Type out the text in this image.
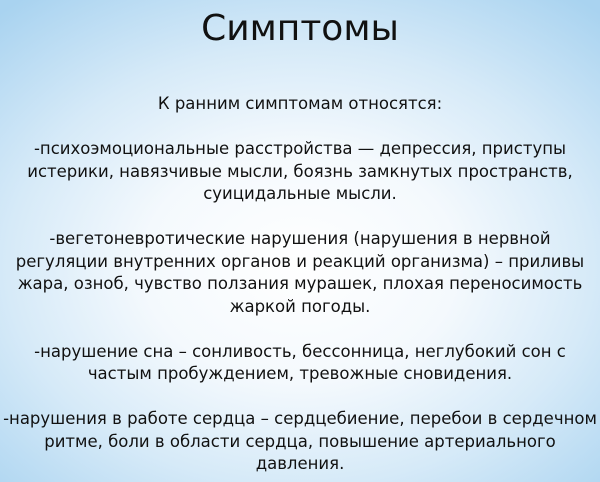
Симптомы
К ранним симптомам относятся:
-психоэмоциональные расстройства — депрессия, приступы
истерики, навязчивые мысли, боязнь замкнутых пространств,
суицидальные мысли.
-вегетоневротические нарушения (нарушения в нервной
регуляции внутренних органов и реакций организма) – приливы
жара, озноб, чувство ползания мурашек, плохая переносимость
жаркой погоды.
-нарушение сна – сонливость, бессонница, неглубокий сон с
частым пробуждением, тревожные сновидения.
-нарушения в работе сердца – сердцебиение, перебои в сердечном
ритме, боли в области сердца, повышение артериального
давления.
